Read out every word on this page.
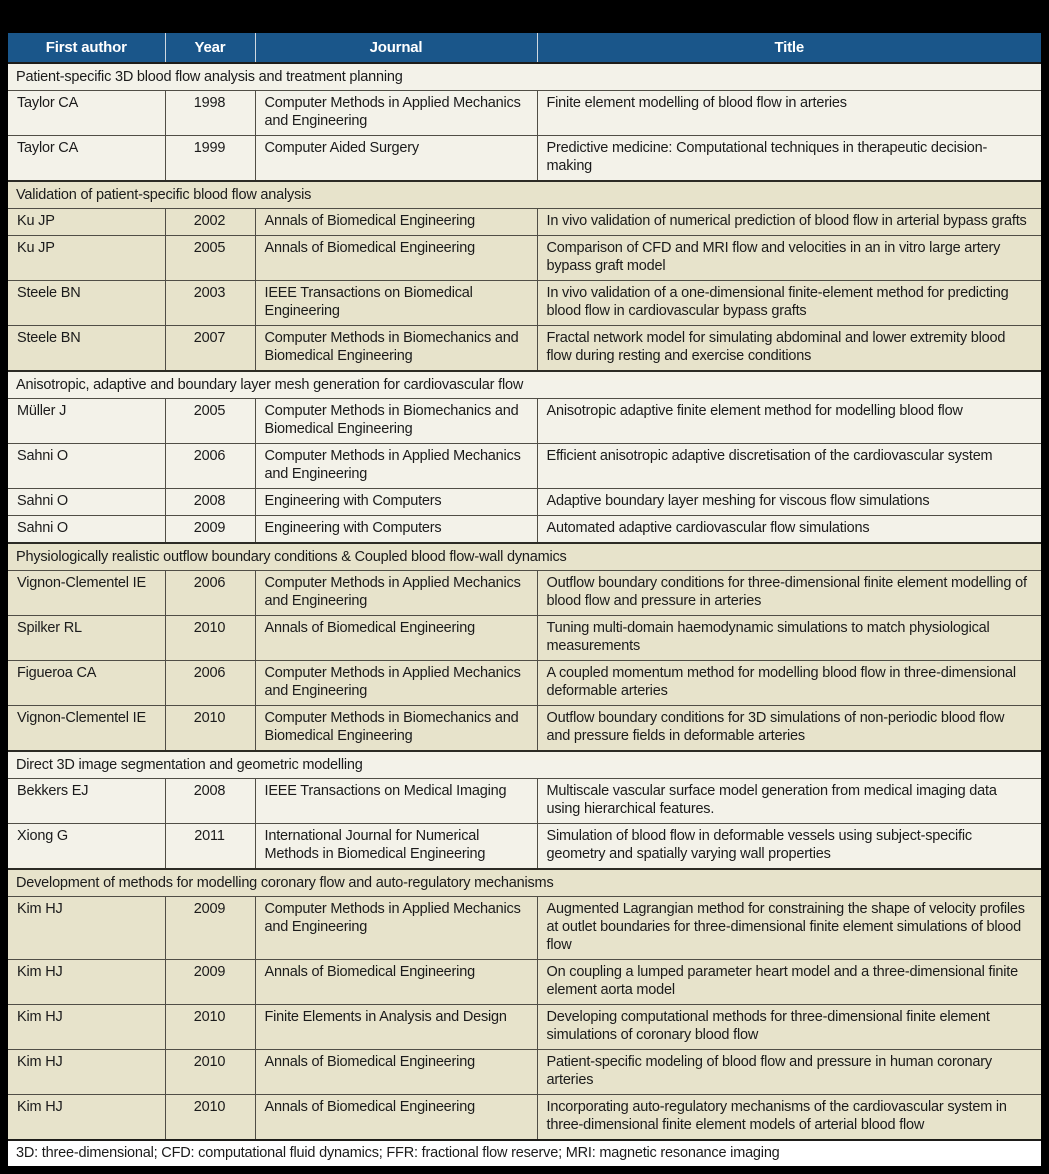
First author	Year	Journal	Title
Patient-specific 3D blood flow analysis and treatment planning			
Taylor CA	1998	Computer Methods in Applied Mechanics and Engineering	Finite element modelling of blood flow in arteries
Taylor CA	1999	Computer Aided Surgery	Predictive medicine: Computational techniques in therapeutic decision-making
Validation of patient-specific blood flow analysis			
Ku JP	2002	Annals of Biomedical Engineering	In vivo validation of numerical prediction of blood flow in arterial bypass grafts
Ku JP	2005	Annals of Biomedical Engineering	Comparison of CFD and MRI flow and velocities in an in vitro large artery bypass graft model
Steele BN	2003	IEEE Transactions on Biomedical Engineering	In vivo validation of a one-dimensional finite-element method for predicting blood flow in cardiovascular bypass grafts
Steele BN	2007	Computer Methods in Biomechanics and Biomedical Engineering	Fractal network model for simulating abdominal and lower extremity blood flow during resting and exercise conditions
Anisotropic, adaptive and boundary layer mesh generation for cardiovascular flow			
Müller J	2005	Computer Methods in Biomechanics and Biomedical Engineering	Anisotropic adaptive finite element method for modelling blood flow
Sahni O	2006	Computer Methods in Applied Mechanics and Engineering	Efficient anisotropic adaptive discretisation of the cardiovascular system
Sahni O	2008	Engineering with Computers	Adaptive boundary layer meshing for viscous flow simulations
Sahni O	2009	Engineering with Computers	Automated adaptive cardiovascular flow simulations
Physiologically realistic outflow boundary conditions & Coupled blood flow-wall dynamics			
Vignon-Clementel IE	2006	Computer Methods in Applied Mechanics and Engineering	Outflow boundary conditions for three-dimensional finite element modelling of blood flow and pressure in arteries
Spilker RL	2010	Annals of Biomedical Engineering	Tuning multi-domain haemodynamic simulations to match physiological measurements
Figueroa CA	2006	Computer Methods in Applied Mechanics and Engineering	A coupled momentum method for modelling blood flow in three-dimensional deformable arteries
Vignon-Clementel IE	2010	Computer Methods in Biomechanics and Biomedical Engineering	Outflow boundary conditions for 3D simulations of non-periodic blood flow and pressure fields in deformable arteries
Direct 3D image segmentation and geometric modelling			
Bekkers EJ	2008	IEEE Transactions on Medical Imaging	Multiscale vascular surface model generation from medical imaging data using hierarchical features.
Xiong G	2011	International Journal for Numerical Methods in Biomedical Engineering	Simulation of blood flow in deformable vessels using subject-specific geometry and spatially varying wall properties
Development of methods for modelling coronary flow and auto-regulatory mechanisms			
Kim HJ	2009	Computer Methods in Applied Mechanics and Engineering	Augmented Lagrangian method for constraining the shape of velocity profiles at outlet boundaries for three-dimensional finite element simulations of blood flow
Kim HJ	2009	Annals of Biomedical Engineering	On coupling a lumped parameter heart model and a three-dimensional finite element aorta model
Kim HJ	2010	Finite Elements in Analysis and Design	Developing computational methods for three-dimensional finite element simulations of coronary blood flow
Kim HJ	2010	Annals of Biomedical Engineering	Patient-specific modeling of blood flow and pressure in human coronary arteries
Kim HJ	2010	Annals of Biomedical Engineering	Incorporating auto-regulatory mechanisms of the cardiovascular system in three-dimensional finite element models of arterial blood flow
3D: three-dimensional; CFD: computational fluid dynamics; FFR: fractional flow reserve; MRI: magnetic resonance imaging			
